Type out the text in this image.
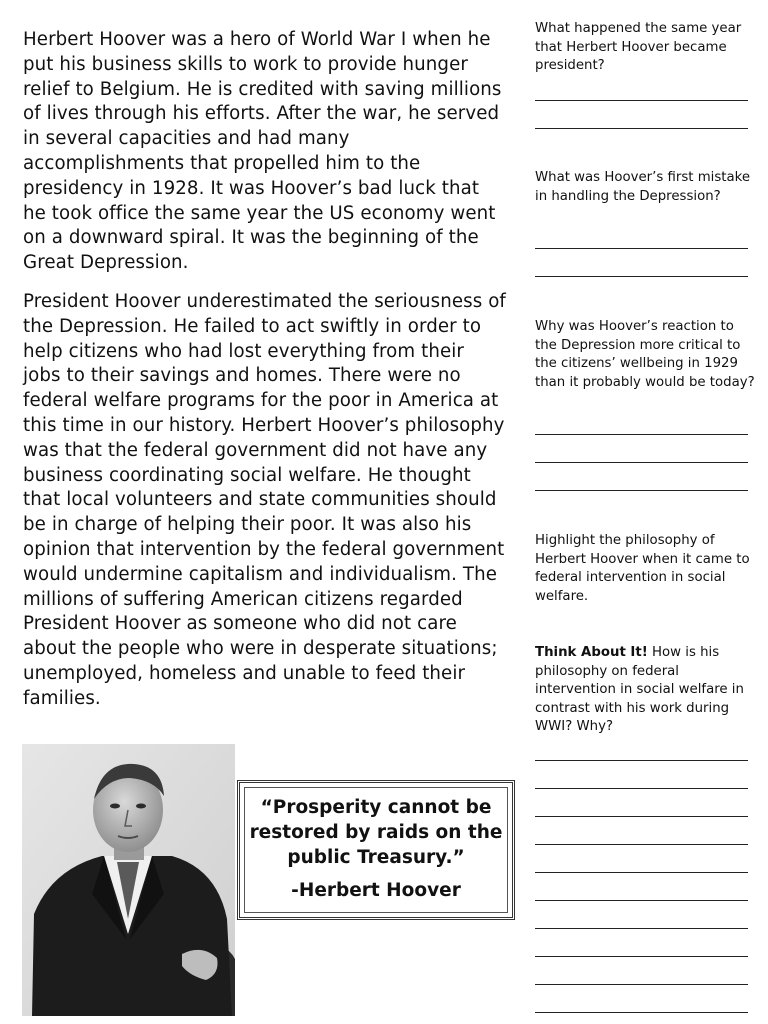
Herbert Hoover was a hero of World War I when he put his business skills to work to provide hunger relief to Belgium. He is credited with saving millions of lives through his efforts. After the war, he served in several capacities and had many accomplishments that propelled him to the presidency in 1928. It was Hoover’s bad luck that he took office the same year the US economy went on a downward spiral. It was the beginning of the Great Depression.

President Hoover underestimated the seriousness of the Depression. He failed to act swiftly in order to help citizens who had lost everything from their jobs to their savings and homes. There were no federal welfare programs for the poor in America at this time in our history. Herbert Hoover’s philosophy was that the federal government did not have any business coordinating social welfare. He thought that local volunteers and state communities should be in charge of helping their poor. It was also his opinion that intervention by the federal government would undermine capitalism and individualism. The millions of suffering American citizens regarded President Hoover as someone who did not care about the people who were in desperate situations; unemployed, homeless and unable to feed their families.

What happened the same year that Herbert Hoover became president?
What was Hoover’s first mistake in handling the Depression?
Why was Hoover’s reaction to the Depression more critical to the citizens’ wellbeing in 1929 than it probably would be today?
Highlight the philosophy of Herbert Hoover when it came to federal intervention in social welfare.
Think About It! How is his philosophy on federal intervention in social welfare in contrast with his work during WWI? Why?
“Prosperity cannot be restored by raids on the public Treasury.”
-Herbert Hoover
